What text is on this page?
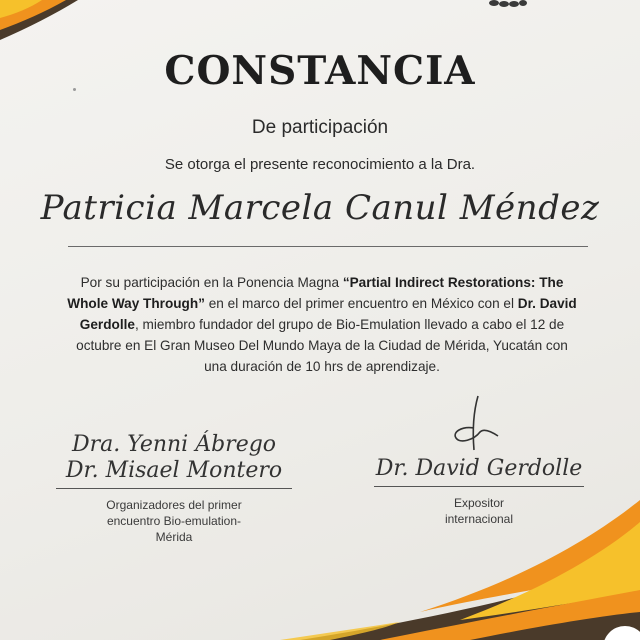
CONSTANCIA
De participación
Se otorga el presente reconocimiento a la Dra.
Patricia Marcela Canul Méndez
Por su participación en la Ponencia Magna “Partial Indirect Restorations: The Whole Way Through” en el marco del primer encuentro en México con el Dr. David Gerdolle, miembro fundador del grupo de Bio-Emulation llevado a cabo el 12 de octubre en El Gran Museo Del Mundo Maya de la Ciudad de Mérida, Yucatán con una duración de 10 hrs de aprendizaje.
Dra. Yenni Ábrego
Dr. Misael Montero
Organizadores del primer
encuentro Bio-emulation-
Mérida
Dr. David Gerdolle
Expositor
internacional
